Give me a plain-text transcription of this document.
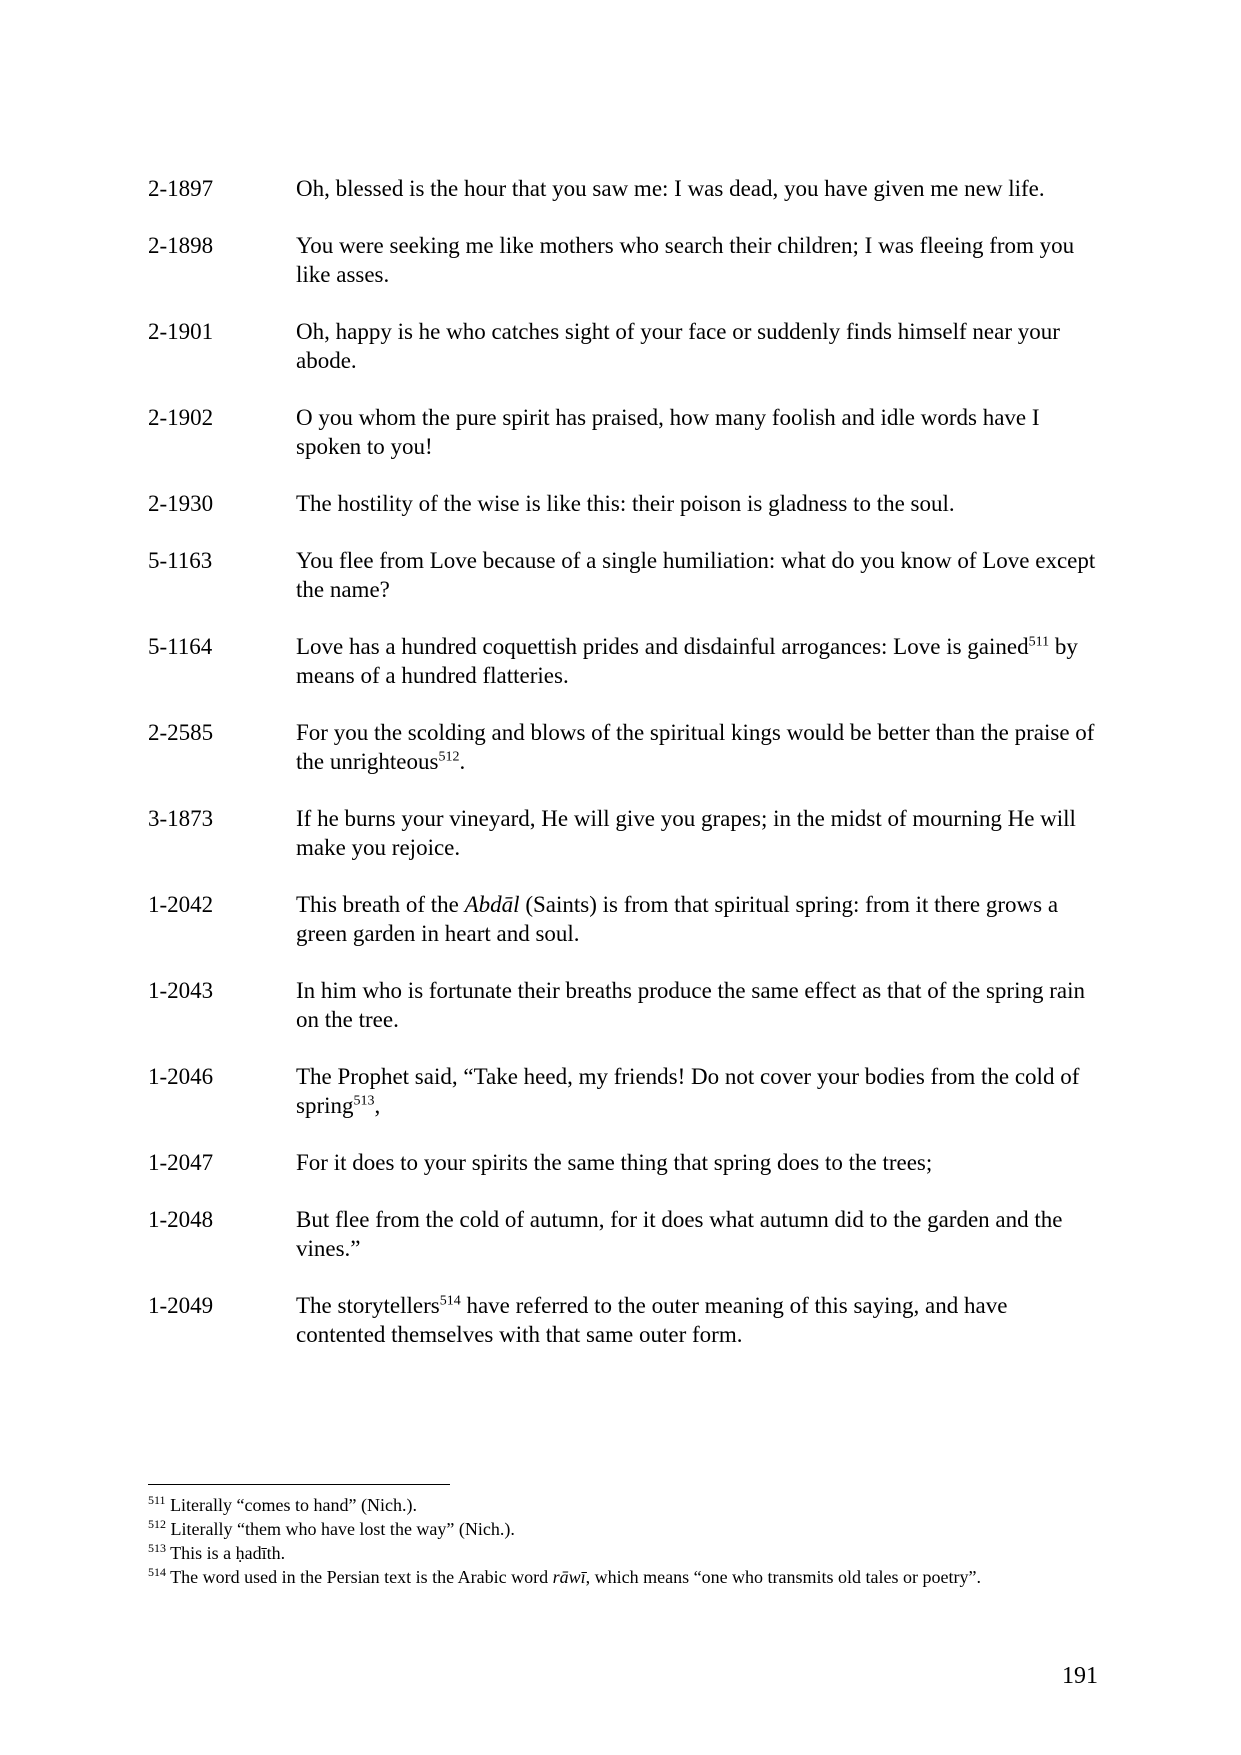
2-1897	Oh, blessed is the hour that you saw me: I was dead, you have given me new life.
2-1898	You were seeking me like mothers who search their children; I was fleeing from you like asses.
2-1901	Oh, happy is he who catches sight of your face or suddenly finds himself near your abode.
2-1902	O you whom the pure spirit has praised, how many foolish and idle words have I spoken to you!
2-1930	The hostility of the wise is like this: their poison is gladness to the soul.
5-1163	You flee from Love because of a single humiliation: what do you know of Love except the name?
5-1164	Love has a hundred coquettish prides and disdainful arrogances: Love is gained$^{511}$ by means of a hundred flatteries.
2-2585	For you the scolding and blows of the spiritual kings would be better than the praise of the unrighteous$^{512}$.
3-1873	If he burns your vineyard, He will give you grapes; in the midst of mourning He will make you rejoice.
1-2042	This breath of the Abdāl (Saints) is from that spiritual spring: from it there grows a green garden in heart and soul.
1-2043	In him who is fortunate their breaths produce the same effect as that of the spring rain on the tree.
1-2046	The Prophet said, “Take heed, my friends! Do not cover your bodies from the cold of spring$^{513}$,
1-2047	For it does to your spirits the same thing that spring does to the trees;
1-2048	But flee from the cold of autumn, for it does what autumn did to the garden and the vines.”
1-2049	The storytellers$^{514}$ have referred to the outer meaning of this saying, and have contented themselves with that same outer form.
$^{511}$ Literally “comes to hand” (Nich.).
$^{512}$ Literally “them who have lost the way” (Nich.).
$^{513}$ This is a ḥadīth.
$^{514}$ The word used in the Persian text is the Arabic word rāwī, which means “one who transmits old tales or poetry”.
191
